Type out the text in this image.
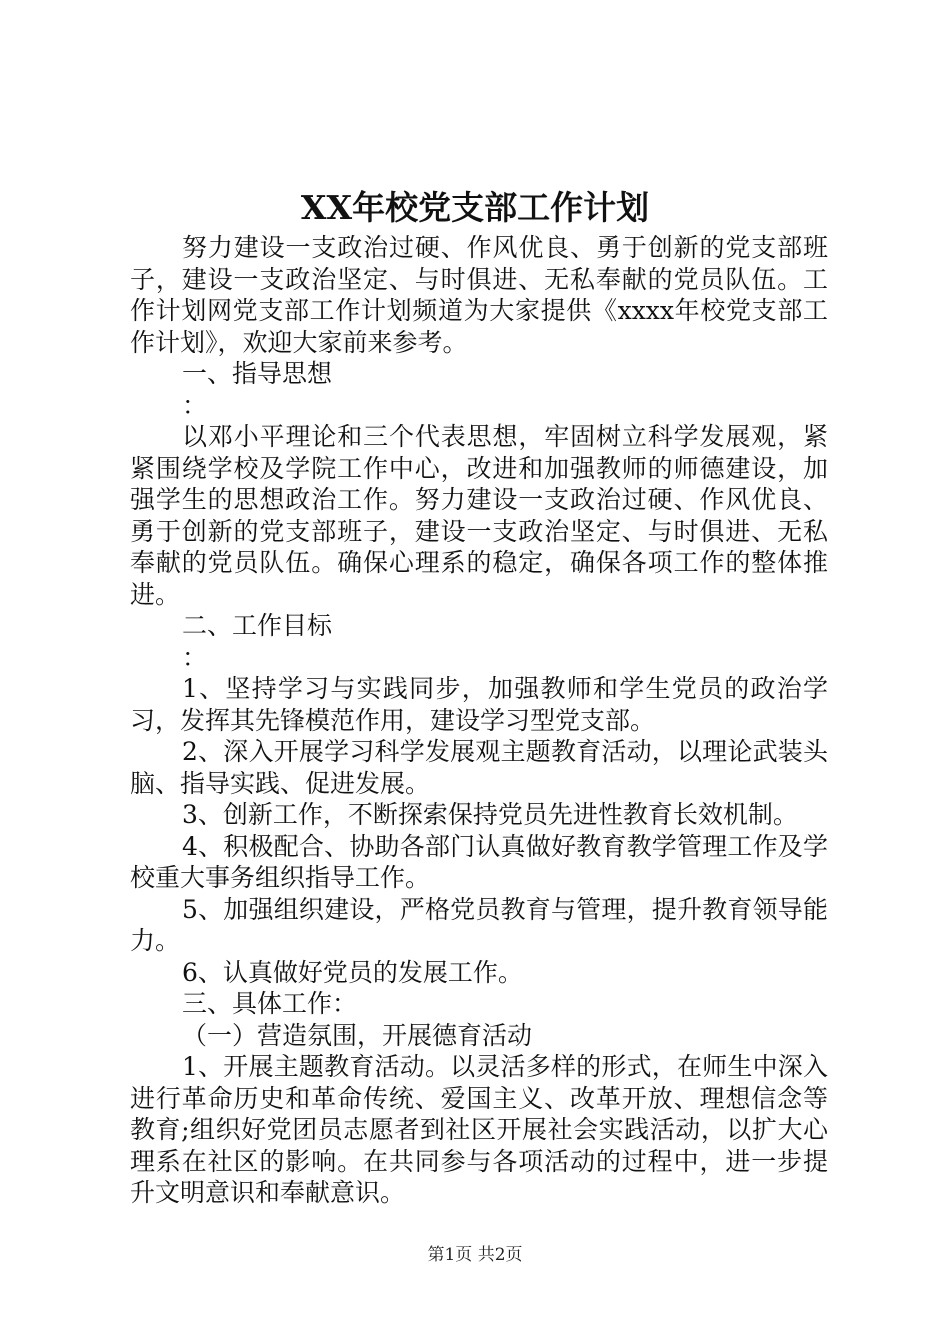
XX年校党支部工作计划

努力建设一支政治过硬、作风优良、勇于创新的党支部班子，建设一支政治坚定、与时俱进、无私奉献的党员队伍。工作计划网党支部工作计划频道为大家提供《xxxx年校党支部工作计划》，欢迎大家前来参考。

一、指导思想

：

以邓小平理论和三个代表思想，牢固树立科学发展观，紧紧围绕学校及学院工作中心，改进和加强教师的师德建设，加强学生的思想政治工作。努力建设一支政治过硬、作风优良、勇于创新的党支部班子，建设一支政治坚定、与时俱进、无私奉献的党员队伍。确保心理系的稳定，确保各项工作的整体推进。

二、工作目标

：

1、坚持学习与实践同步，加强教师和学生党员的政治学习，发挥其先锋模范作用，建设学习型党支部。

2、深入开展学习科学发展观主题教育活动，以理论武装头脑、指导实践、促进发展。

3、创新工作，不断探索保持党员先进性教育长效机制。

4、积极配合、协助各部门认真做好教育教学管理工作及学校重大事务组织指导工作。

5、加强组织建设，严格党员教育与管理，提升教育领导能力。

6、认真做好党员的发展工作。

三、具体工作：

（一）营造氛围，开展德育活动

1、开展主题教育活动。以灵活多样的形式，在师生中深入进行革命历史和革命传统、爱国主义、改革开放、理想信念等教育;组织好党团员志愿者到社区开展社会实践活动，以扩大心理系在社区的影响。在共同参与各项活动的过程中，进一步提升文明意识和奉献意识。

第1页 共2页
